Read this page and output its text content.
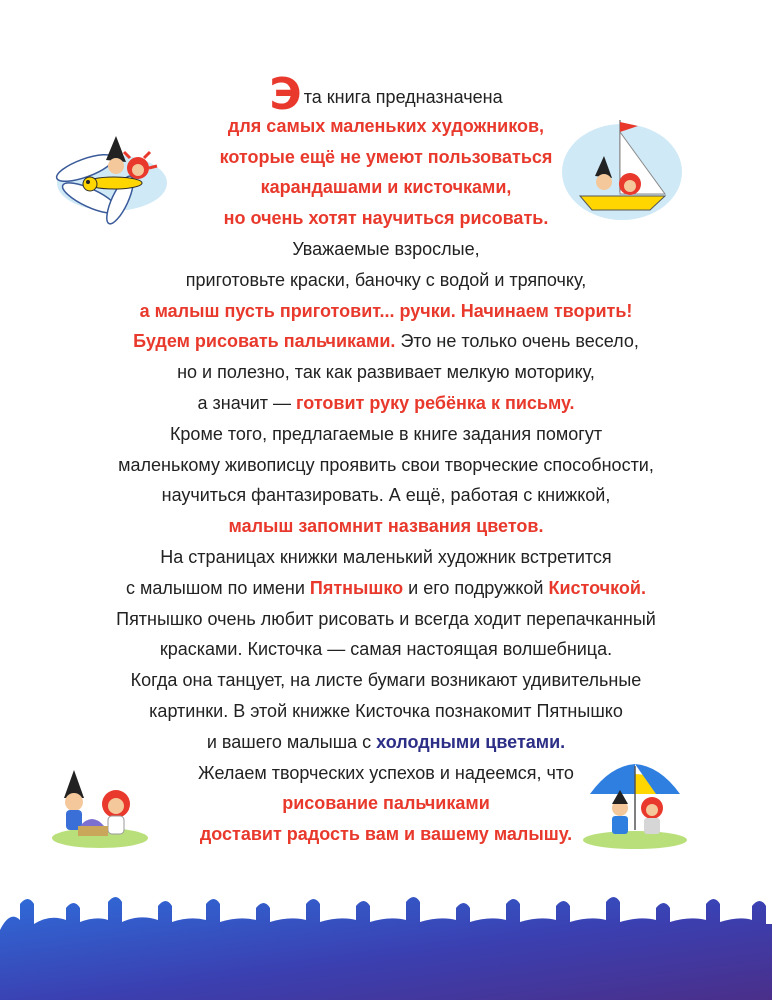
Эта книга предназначена
для самых маленьких художников,
которые ещё не умеют пользоваться
карандашами и кисточками,
но очень хотят научиться рисовать.
Уважаемые взрослые,
приготовьте краски, баночку с водой и тряпочку,
а малыш пусть приготовит... ручки. Начинаем творить!
Будем рисовать пальчиками. Это не только очень весело,
но и полезно, так как развивает мелкую моторику,
а значит — готовит руку ребёнка к письму.
Кроме того, предлагаемые в книге задания помогут
маленькому живописцу проявить свои творческие способности,
научиться фантазировать. А ещё, работая с книжкой,
малыш запомнит названия цветов.
На страницах книжки маленький художник встретится
с малышом по имени Пятнышко и его подружкой Кисточкой.
Пятнышко очень любит рисовать и всегда ходит перепачканный
красками. Кисточка — самая настоящая волшебница.
Когда она танцует, на листе бумаги возникают удивительные
картинки. В этой книжке Кисточка познакомит Пятнышко
и вашего малыша с холодными цветами.
Желаем творческих успехов и надеемся, что
рисование пальчиками
доставит радость вам и вашему малышу.
